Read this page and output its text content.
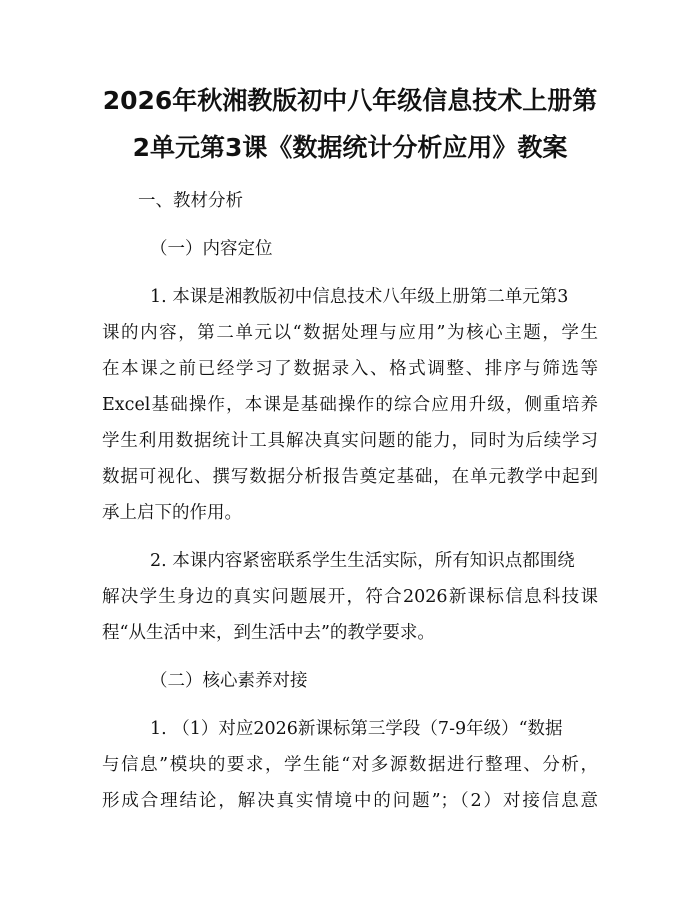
2026年秋湘教版初中八年级信息技术上册第
2单元第3课《数据统计分析应用》教案
一、教材分析
（一）内容定位
1. 本课是湘教版初中信息技术八年级上册第二单元第3
课的内容，第二单元以“数据处理与应用”为核心主题，学生
在本课之前已经学习了数据录入、格式调整、排序与筛选等
Excel基础操作，本课是基础操作的综合应用升级，侧重培养
学生利用数据统计工具解决真实问题的能力，同时为后续学习
数据可视化、撰写数据分析报告奠定基础，在单元教学中起到
承上启下的作用。
2. 本课内容紧密联系学生生活实际，所有知识点都围绕
解决学生身边的真实问题展开，符合2026新课标信息科技课
程“从生活中来，到生活中去”的教学要求。
（二）核心素养对接
1. （1）对应2026新课标第三学段（7-9年级）“数据
与信息”模块的要求，学生能“对多源数据进行整理、分析，
形成合理结论，解决真实情境中的问题”；（2）对接信息意
